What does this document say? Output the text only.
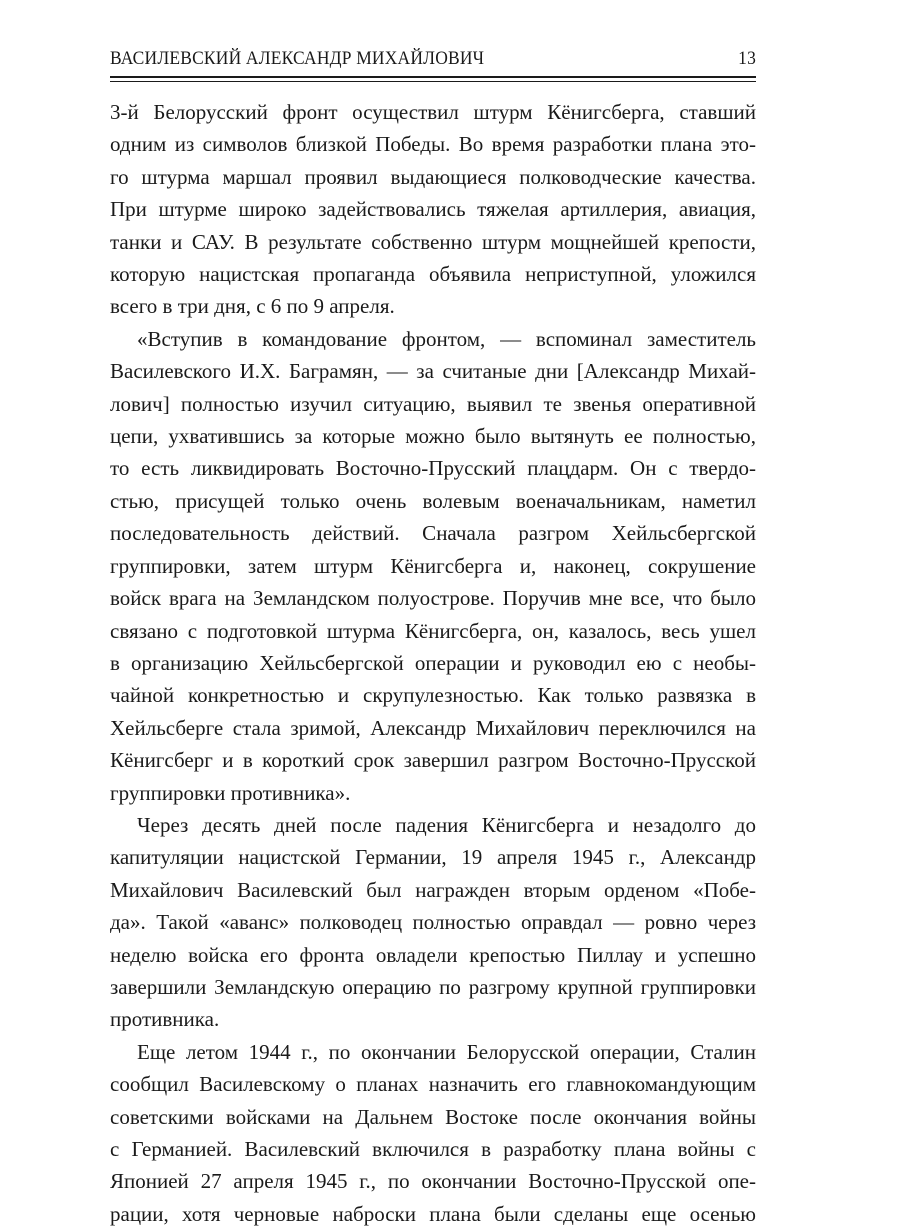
ВАСИЛЕВСКИЙ АЛЕКСАНДР МИХАЙЛОВИЧ	13

3-й Белорусский фронт осуществил штурм Кёнигсберга, ставший
одним из символов близкой Победы. Во время разработки плана это-
го штурма маршал проявил выдающиеся полководческие качества.
При штурме широко задействовались тяжелая артиллерия, авиация,
танки и САУ. В результате собственно штурм мощнейшей крепости,
которую нацистская пропаганда объявила неприступной, уложился
всего в три дня, с 6 по 9 апреля.

«Вступив в командование фронтом, — вспоминал заместитель
Василевского И.Х. Баграмян, — за считаные дни [Александр Михай-
лович] полностью изучил ситуацию, выявил те звенья оперативной
цепи, ухватившись за которые можно было вытянуть ее полностью,
то есть ликвидировать Восточно-Прусский плацдарм. Он с твердо-
стью, присущей только очень волевым военачальникам, наметил
последовательность действий. Сначала разгром Хейльсбергской
группировки, затем штурм Кёнигсберга и, наконец, сокрушение
войск врага на Земландском полуострове. Поручив мне все, что было
связано с подготовкой штурма Кёнигсберга, он, казалось, весь ушел
в организацию Хейльсбергской операции и руководил ею с необы-
чайной конкретностью и скрупулезностью. Как только развязка в
Хейльсберге стала зримой, Александр Михайлович переключился на
Кёнигсберг и в короткий срок завершил разгром Восточно-Прусской
группировки противника».

Через десять дней после падения Кёнигсберга и незадолго до
капитуляции нацистской Германии, 19 апреля 1945 г., Александр
Михайлович Василевский был награжден вторым орденом «Побе-
да». Такой «аванс» полководец полностью оправдал — ровно через
неделю войска его фронта овладели крепостью Пиллау и успешно
завершили Земландскую операцию по разгрому крупной группировки
противника.

Еще летом 1944 г., по окончании Белорусской операции, Сталин
сообщил Василевскому о планах назначить его главнокомандующим
советскими войсками на Дальнем Востоке после окончания войны
с Германией. Василевский включился в разработку плана войны с
Японией 27 апреля 1945 г., по окончании Восточно-Прусской опе-
рации, хотя черновые наброски плана были сделаны еще осенью
